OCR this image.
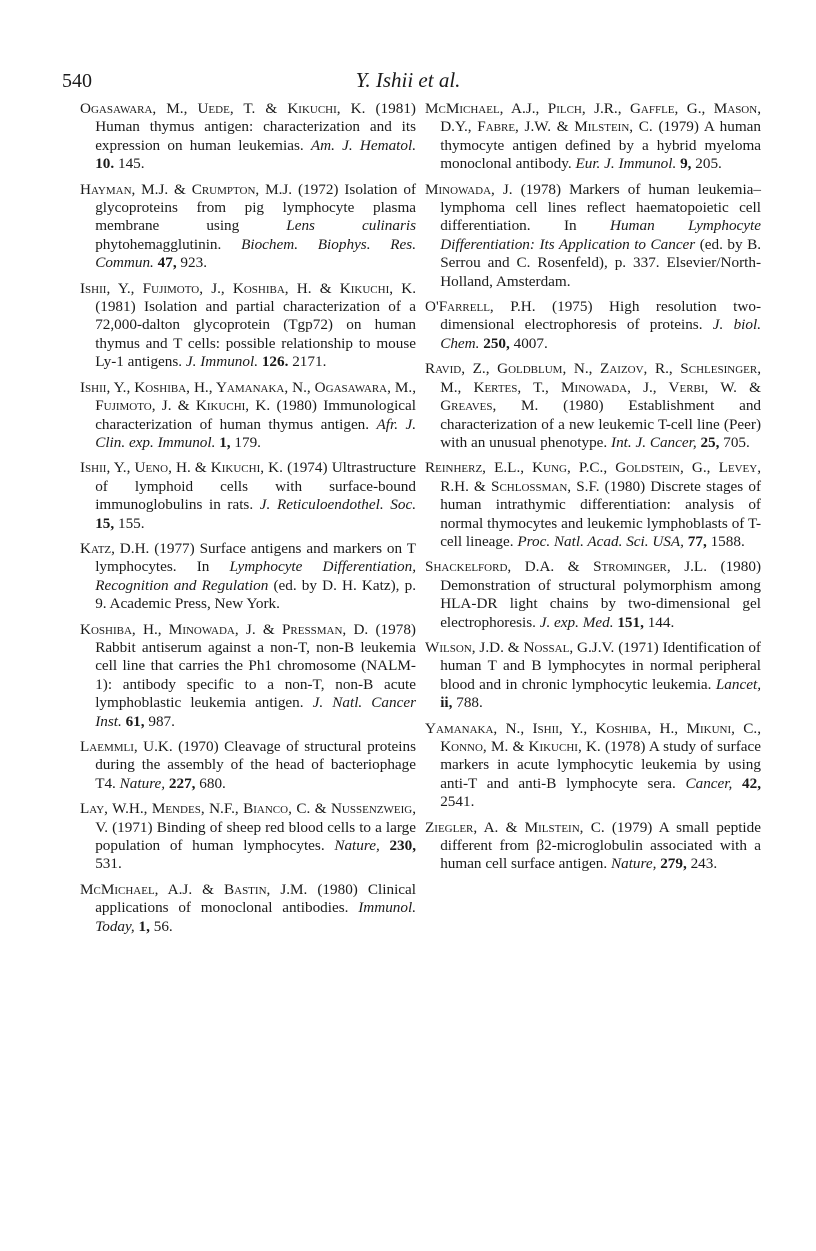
540	Y. Ishii et al.

Ogasawara, M., Uede, T. & Kikuchi, K. (1981) Human thymus antigen: characterization and its expression on human leukemias. Am. J. Hematol. 10. 145.

Hayman, M.J. & Crumpton, M.J. (1972) Isolation of glycoproteins from pig lymphocyte plasma membrane using	Lens culinaris phytohemagglutinin. Biochem. Biophys. Res. Commun. 47, 923.

Ishii, Y., Fujimoto, J., Koshiba, H. & Kikuchi, K. (1981) Isolation and partial characterization of a 72,000-dalton glycoprotein (Tgp72) on human thymus and T cells: possible relationship to mouse Ly-1 antigens. J. Immunol. 126. 2171.

Ishii, Y., Koshiba, H., Yamanaka, N., Ogasawara, M., Fujimoto, J. & Kikuchi, K. (1980) Immunological characterization of human thymus antigen. Afr. J. Clin. exp. Immunol. 1, 179.

Ishii, Y., Ueno, H. & Kikuchi, K. (1974) Ultrastructure of lymphoid cells with surface-bound immunoglobulins in rats. J. Reticuloendothel. Soc. 15, 155.

Katz, D.H. (1977) Surface antigens and markers on T lymphocytes. In Lymphocyte Differentiation, Recognition and Regulation (ed. by D. H. Katz), p. 9. Academic Press, New York.

Koshiba, H., Minowada, J. & Pressman, D. (1978) Rabbit antiserum against a non-T, non-B leukemia cell line that carries the Ph1 chromosome (NALM-1): antibody specific to a non-T, non-B acute lymphoblastic leukemia antigen. J. Natl. Cancer Inst. 61, 987.

Laemmli, U.K. (1970) Cleavage of structural proteins during the assembly of the head of bacteriophage T4. Nature, 227, 680.

Lay, W.H., Mendes, N.F., Bianco, C. & Nussenzweig, V. (1971) Binding of sheep red blood cells to a large population of human lymphocytes. Nature, 230, 531.

McMichael, A.J. & Bastin, J.M. (1980) Clinical applications of monoclonal antibodies. Immunol. Today, 1, 56.

McMichael, A.J., Pilch, J.R., Gaffle, G., Mason, D.Y., Fabre, J.W. & Milstein, C. (1979) A human thymocyte antigen defined by a hybrid myeloma monoclonal antibody. Eur. J. Immunol. 9, 205.

Minowada, J. (1978) Markers of human leukemia–lymphoma cell lines reflect haematopoietic cell differentiation. In Human Lymphocyte Differentiation: Its Application to Cancer (ed. by B. Serrou and C. Rosenfeld), p. 337. Elsevier/North-Holland, Amsterdam.

O'Farrell, P.H. (1975) High resolution two-dimensional electrophoresis of proteins. J. biol. Chem. 250, 4007.

Ravid, Z., Goldblum, N., Zaizov, R., Schlesinger, M., Kertes, T., Minowada, J., Verbi, W. & Greaves, M. (1980) Establishment and characterization of a new leukemic T-cell line (Peer) with an unusual phenotype. Int. J. Cancer, 25, 705.

Reinherz, E.L., Kung, P.C., Goldstein, G., Levey, R.H. & Schlossman, S.F. (1980) Discrete stages of human intrathymic differentiation: analysis of normal thymocytes and leukemic lymphoblasts of T-cell lineage. Proc. Natl. Acad. Sci. USA, 77, 1588.

Shackelford, D.A. & Strominger, J.L. (1980) Demonstration of structural polymorphism among HLA-DR light chains by two-dimensional gel electrophoresis. J. exp. Med. 151, 144.

Wilson, J.D. & Nossal, G.J.V. (1971) Identification of human T and B lymphocytes in normal peripheral blood and in chronic lymphocytic leukemia. Lancet, ii, 788.

Yamanaka, N., Ishii, Y., Koshiba, H., Mikuni, C., Konno, M. & Kikuchi, K. (1978) A study of surface markers in acute lymphocytic leukemia by using anti-T and anti-B lymphocyte sera. Cancer, 42, 2541.

Ziegler, A. & Milstein, C. (1979) A small peptide different from β2-microglobulin associated with a human cell surface antigen. Nature, 279, 243.
